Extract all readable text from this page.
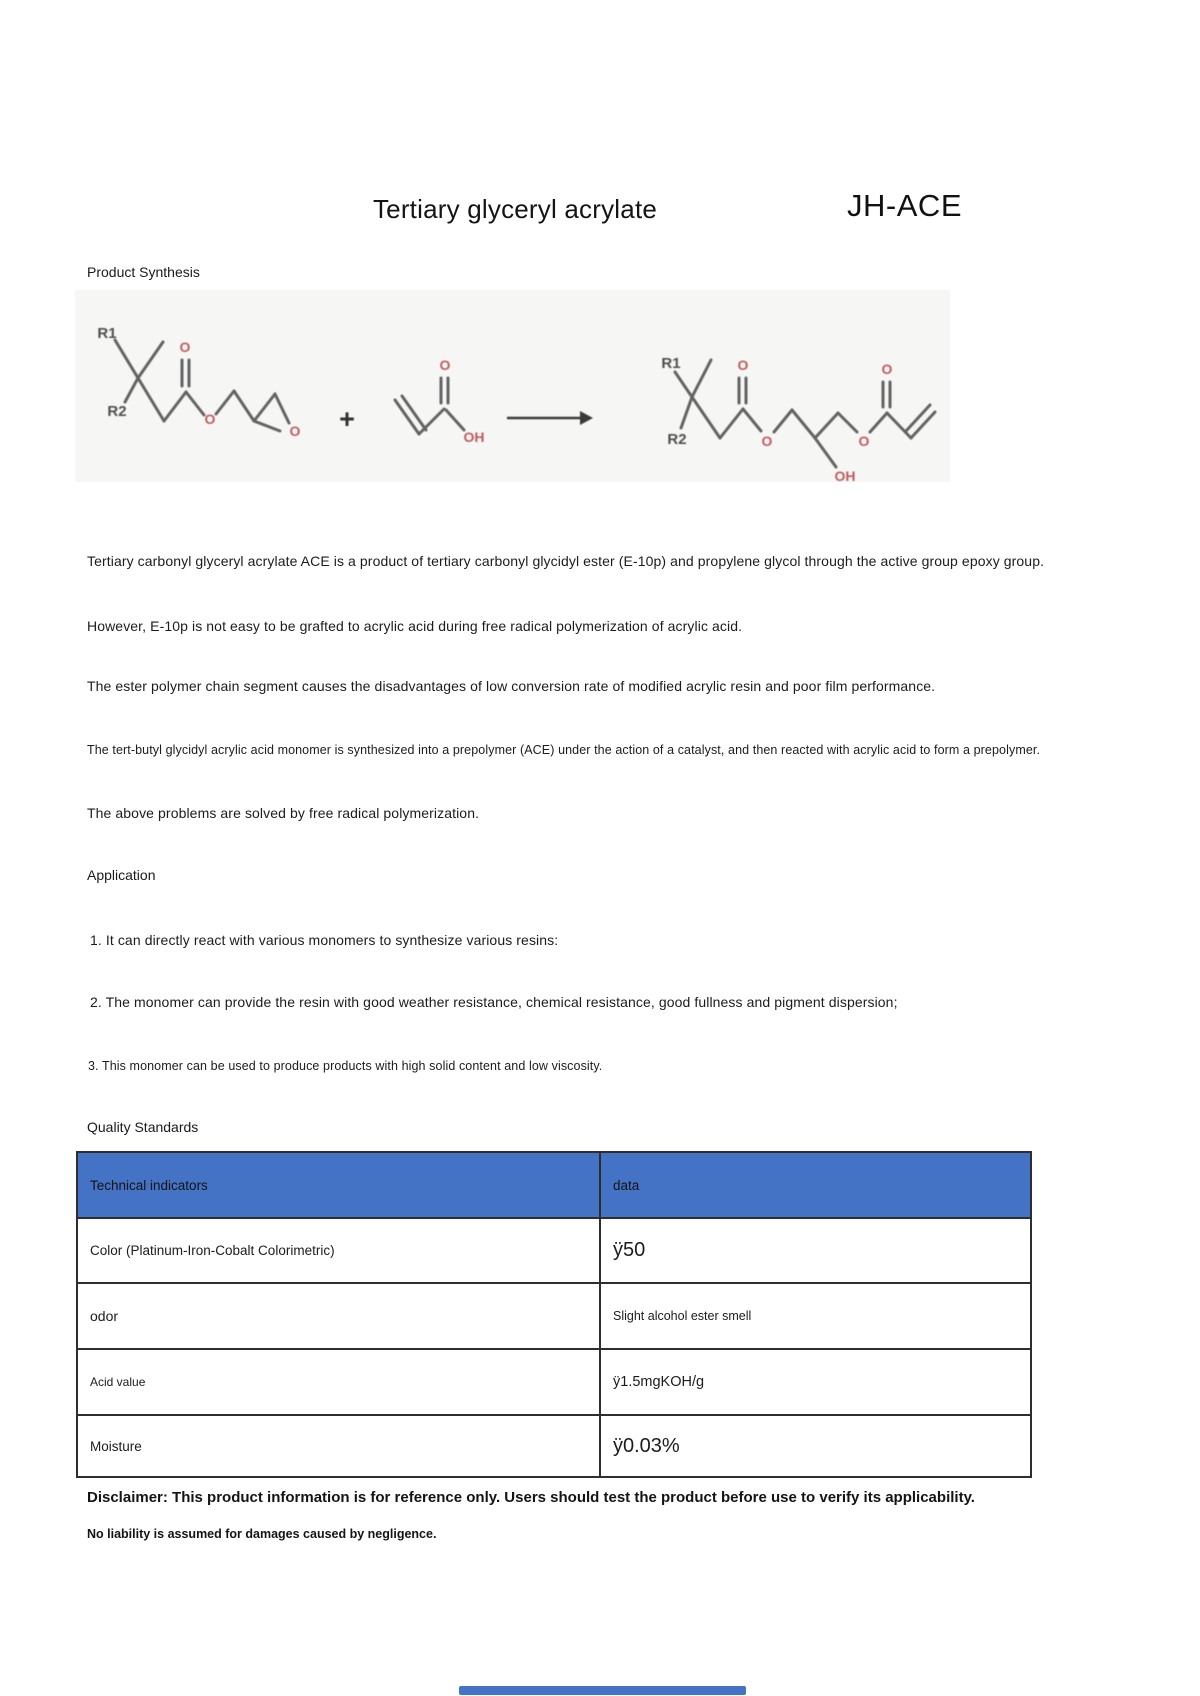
Tertiary glyceryl acrylate	JH-ACE
Product Synthesis
R1
R2
O
O
O +
O
OH
R1
R2
O
O
OH
O
O

Tertiary carbonyl glyceryl acrylate ACE is a product of tertiary carbonyl glycidyl ester (E-10p) and propylene glycol through the active group epoxy group.

However, E-10p is not easy to be grafted to acrylic acid during free radical polymerization of acrylic acid.

The ester polymer chain segment causes the disadvantages of low conversion rate of modified acrylic resin and poor film performance.

The tert-butyl glycidyl acrylic acid monomer is synthesized into a prepolymer (ACE) under the action of a catalyst, and then reacted with acrylic acid to form a prepolymer.

The above problems are solved by free radical polymerization.

Application

1. It can directly react with various monomers to synthesize various resins:

2. The monomer can provide the resin with good weather resistance, chemical resistance, good fullness and pigment dispersion;

3. This monomer can be used to produce products with high solid content and low viscosity.

Quality Standards
Technical indicators	data
Color (Platinum-Iron-Cobalt Colorimetric)	ÿ50
odor	Slight alcohol ester smell
Acid value	ÿ1.5mgKOH/g
Moisture	ÿ0.03%

Disclaimer: This product information is for reference only. Users should test the product before use to verify its applicability.

No liability is assumed for damages caused by negligence.
